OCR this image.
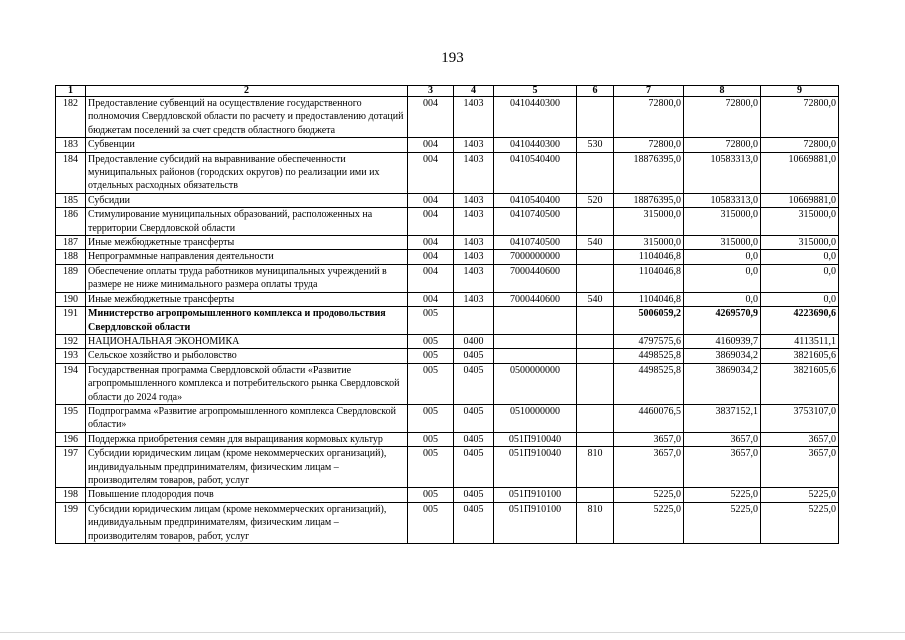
193
1	2	3	4	5	6	7	8	9
182	Предоставление субвенций на осуществление государственного полномочия Свердловской области по расчету и предоставлению дотаций бюджетам поселений за счет средств областного бюджета	004	1403	0410440300		72800,0	72800,0	72800,0
183	Субвенции	004	1403	0410440300	530	72800,0	72800,0	72800,0
184	Предоставление субсидий на выравнивание обеспеченности муниципальных районов (городских округов) по реализации ими их отдельных расходных обязательств	004	1403	0410540400		18876395,0	10583313,0	10669881,0
185	Субсидии	004	1403	0410540400	520	18876395,0	10583313,0	10669881,0
186	Стимулирование муниципальных образований, расположенных на территории Свердловской области	004	1403	0410740500		315000,0	315000,0	315000,0
187	Иные межбюджетные трансферты	004	1403	0410740500	540	315000,0	315000,0	315000,0
188	Непрограммные направления деятельности	004	1403	7000000000		1104046,8	0,0	0,0
189	Обеспечение оплаты труда работников муниципальных учреждений в размере не ниже минимального размера оплаты труда	004	1403	7000440600		1104046,8	0,0	0,0
190	Иные межбюджетные трансферты	004	1403	7000440600	540	1104046,8	0,0	0,0
191	Министерство агропромышленного комплекса и продовольствия Свердловской области	005				5006059,2	4269570,9	4223690,6
192	НАЦИОНАЛЬНАЯ ЭКОНОМИКА	005	0400			4797575,6	4160939,7	4113511,1
193	Сельское хозяйство и рыболовство	005	0405			4498525,8	3869034,2	3821605,6
194	Государственная программа Свердловской области «Развитие агропромышленного комплекса и потребительского рынка Свердловской области до 2024 года»	005	0405	0500000000		4498525,8	3869034,2	3821605,6
195	Подпрограмма «Развитие агропромышленного комплекса Свердловской области»	005	0405	0510000000		4460076,5	3837152,1	3753107,0
196	Поддержка приобретения семян для выращивания кормовых культур	005	0405	051П910040		3657,0	3657,0	3657,0
197	Субсидии юридическим лицам (кроме некоммерческих организаций), индивидуальным предпринимателям, физическим лицам – производителям товаров, работ, услуг	005	0405	051П910040	810	3657,0	3657,0	3657,0
198	Повышение плодородия почв	005	0405	051П910100		5225,0	5225,0	5225,0
199	Субсидии юридическим лицам (кроме некоммерческих организаций), индивидуальным предпринимателям, физическим лицам – производителям товаров, работ, услуг	005	0405	051П910100	810	5225,0	5225,0	5225,0
